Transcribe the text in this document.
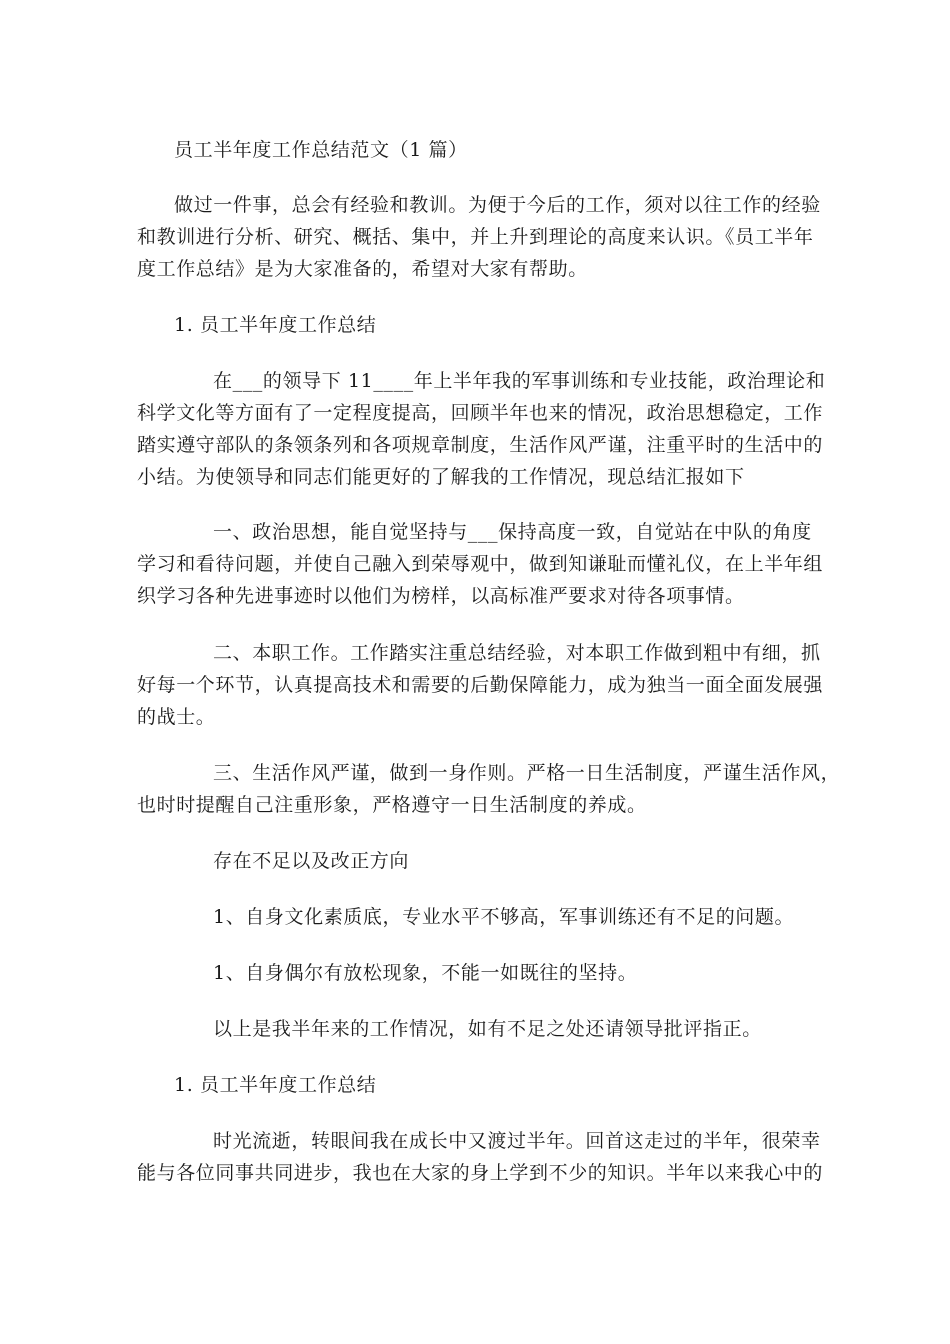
员工半年度工作总结范文（1 篇）
做过一件事，总会有经验和教训。为便于今后的工作，须对以往工作的经验
和教训进行分析、研究、概括、集中，并上升到理论的高度来认识。《员工半年
度工作总结》是为大家准备的，希望对大家有帮助。
1. 员工半年度工作总结
在___的领导下 11____年上半年我的军事训练和专业技能，政治理论和
科学文化等方面有了一定程度提高，回顾半年也来的情况，政治思想稳定，工作
踏实遵守部队的条领条列和各项规章制度，生活作风严谨，注重平时的生活中的
小结。为使领导和同志们能更好的了解我的工作情况，现总结汇报如下
一、政治思想，能自觉坚持与___保持高度一致，自觉站在中队的角度
学习和看待问题，并使自己融入到荣辱观中，做到知谦耻而懂礼仪，在上半年组
织学习各种先进事迹时以他们为榜样，以高标准严要求对待各项事情。
二、本职工作。工作踏实注重总结经验，对本职工作做到粗中有细，抓
好每一个环节，认真提高技术和需要的后勤保障能力，成为独当一面全面发展强
的战士。
三、生活作风严谨，做到一身作则。严格一日生活制度，严谨生活作风，
也时时提醒自己注重形象，严格遵守一日生活制度的养成。
存在不足以及改正方向
1、自身文化素质底，专业水平不够高，军事训练还有不足的问题。
1、自身偶尔有放松现象，不能一如既往的坚持。
以上是我半年来的工作情况，如有不足之处还请领导批评指正。
1. 员工半年度工作总结
时光流逝，转眼间我在成长中又渡过半年。回首这走过的半年，很荣幸
能与各位同事共同进步，我也在大家的身上学到不少的知识。半年以来我心中的
